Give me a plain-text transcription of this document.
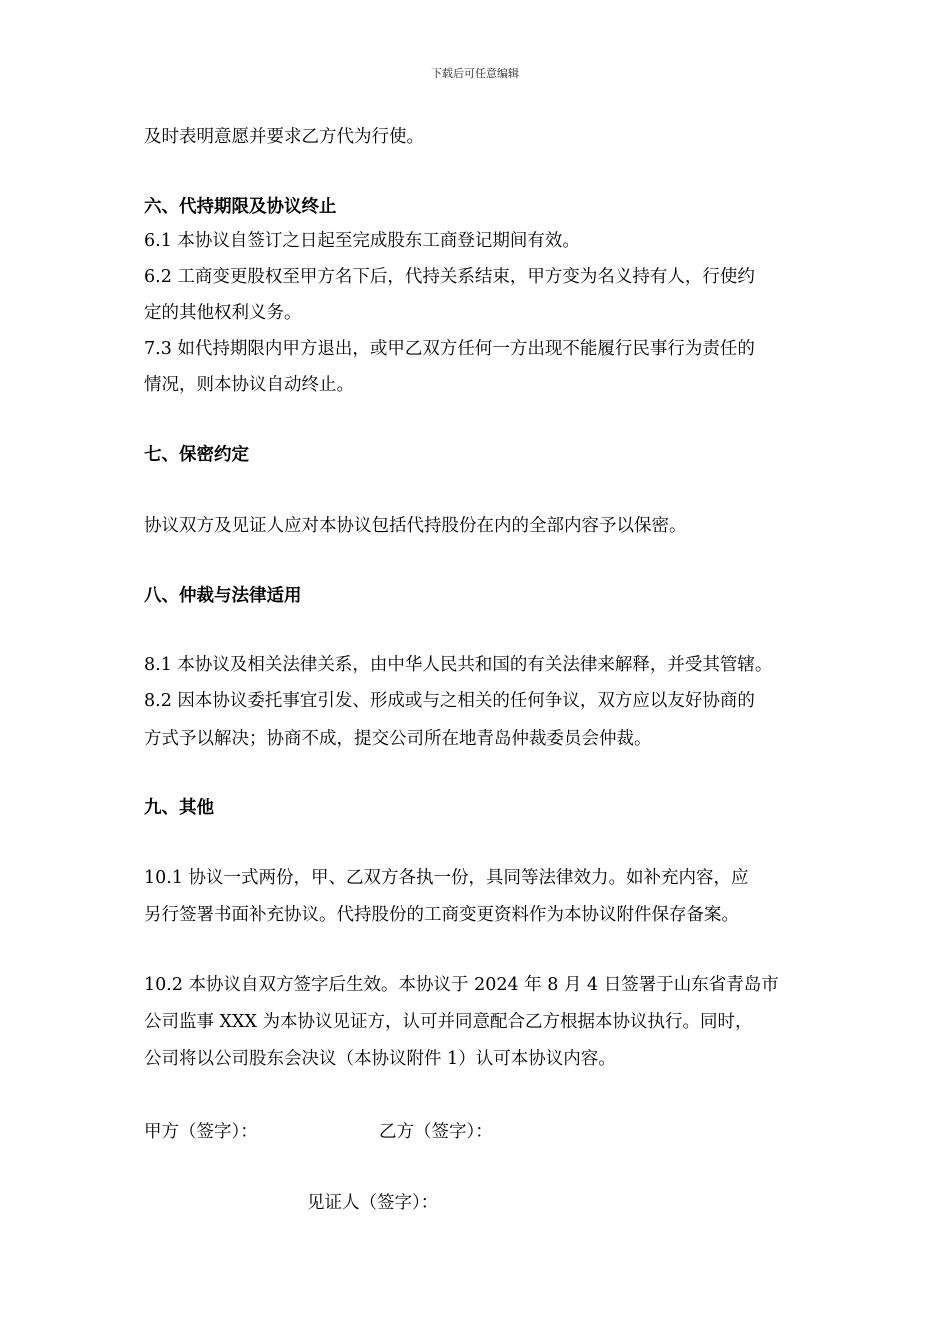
下载后可任意编辑
及时表明意愿并要求乙方代为行使。
六、代持期限及协议终止
6.1 本协议自签订之日起至完成股东工商登记期间有效。
6.2 工商变更股权至甲方名下后，代持关系结束，甲方变为名义持有人，行使约
定的其他权利义务。
7.3 如代持期限内甲方退出，或甲乙双方任何一方出现不能履行民事行为责任的
情况，则本协议自动终止。
七、保密约定
协议双方及见证人应对本协议包括代持股份在内的全部内容予以保密。
八、仲裁与法律适用
8.1 本协议及相关法律关系，由中华人民共和国的有关法律来解释，并受其管辖。
8.2 因本协议委托事宜引发、形成或与之相关的任何争议，双方应以友好协商的
方式予以解决；协商不成，提交公司所在地青岛仲裁委员会仲裁。
九、其他
10.1 协议一式两份，甲、乙双方各执一份，具同等法律效力。如补充内容，应
另行签署书面补充协议。代持股份的工商变更资料作为本协议附件保存备案。
10.2 本协议自双方签字后生效。本协议于 2024 年 8 月 4 日签署于山东省青岛市
公司监事 XXX 为本协议见证方，认可并同意配合乙方根据本协议执行。同时，
公司将以公司股东会决议（本协议附件 1）认可本协议内容。
甲方（签字）：	乙方（签字）：
见证人（签字）：
